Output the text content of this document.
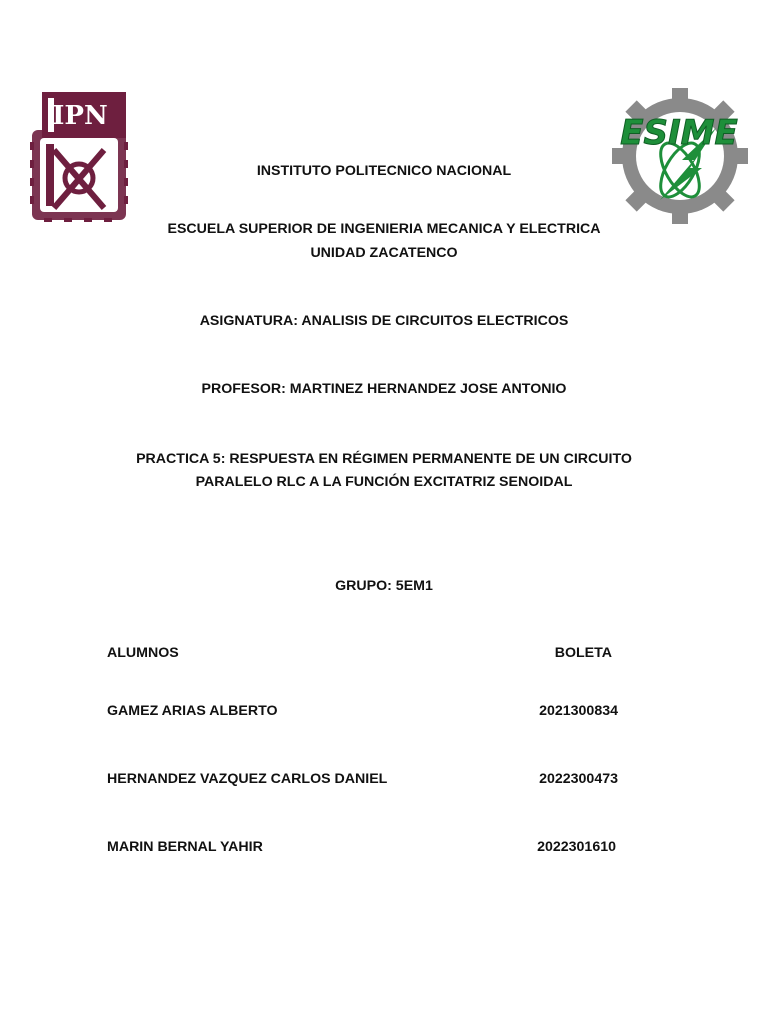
IPN	ESIME
INSTITUTO POLITECNICO NACIONAL
ESCUELA SUPERIOR DE INGENIERIA MECANICA Y ELECTRICA
UNIDAD ZACATENCO
ASIGNATURA: ANALISIS DE CIRCUITOS ELECTRICOS
PROFESOR: MARTINEZ HERNANDEZ JOSE ANTONIO
PRACTICA 5: RESPUESTA EN RÉGIMEN PERMANENTE DE UN CIRCUITO
PARALELO RLC A LA FUNCIÓN EXCITATRIZ SENOIDAL
GRUPO: 5EM1
ALUMNOS	BOLETA
GAMEZ ARIAS ALBERTO	2021300834
HERNANDEZ VAZQUEZ CARLOS DANIEL	2022300473
MARIN BERNAL YAHIR	2022301610
